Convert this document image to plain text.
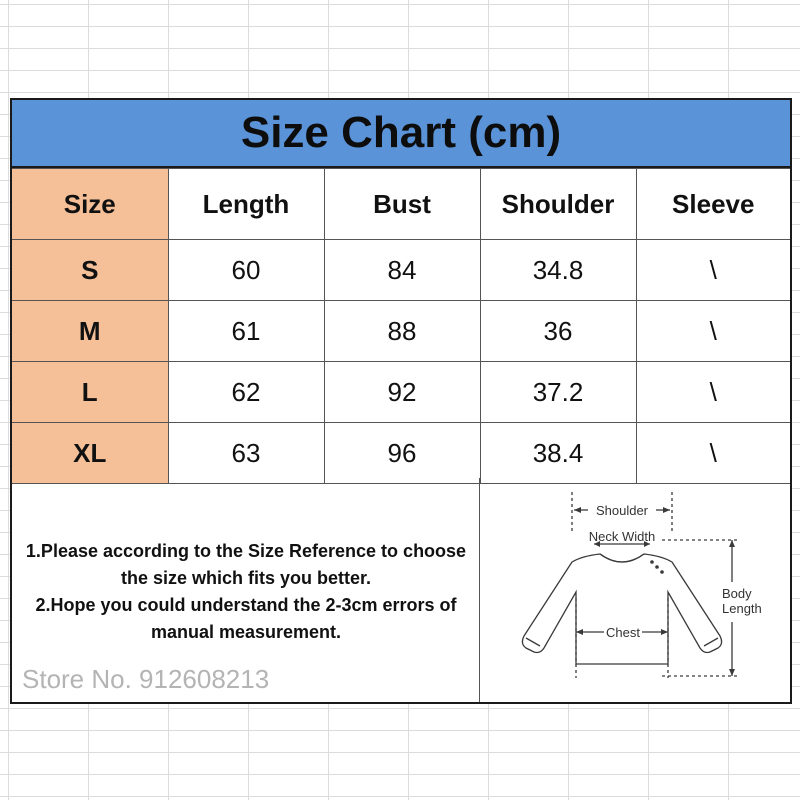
Size Chart (cm)
Size	Length	Bust	Shoulder	Sleeve
S	60	84	34.8	\
M	61	88	36	\
L	62	92	37.2	\
XL	63	96	38.4	\
1.Please according to the Size Reference to choose the size which fits you better.
2.Hope you could understand the 2-3cm errors of manual measurement.
Store No. 912608213
Shoulder
Neck Width
Chest
Body
Length
